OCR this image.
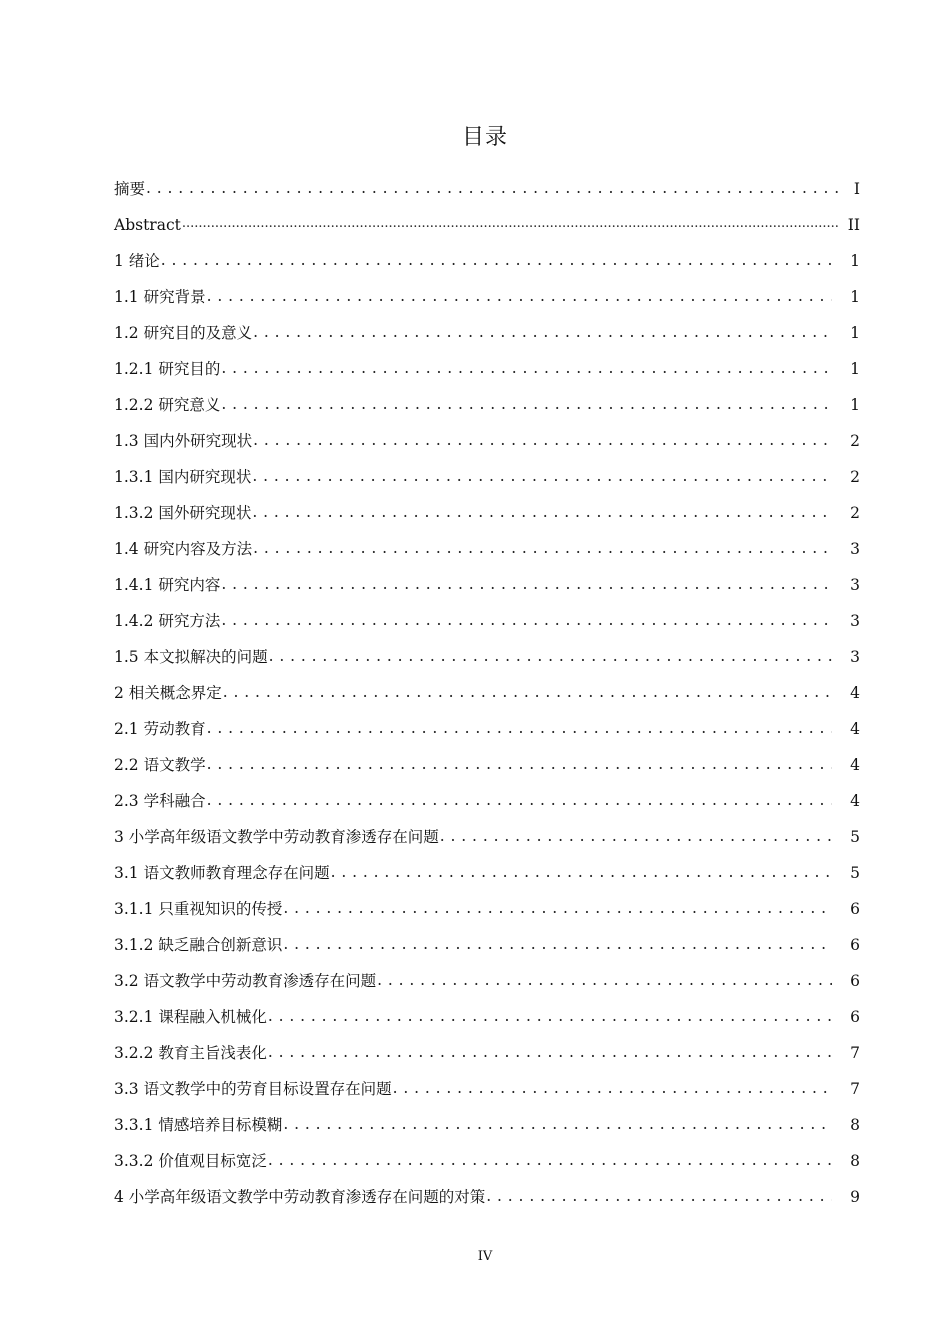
目录
摘要 . . .	I
Abstract .....	II
1 绪论 . . .	1
1.1 研究背景 . . .	1
1.2 研究目的及意义 . . .	1
1.2.1 研究目的 . . .	1
1.2.2 研究意义 . . .	1
1.3 国内外研究现状 . . .	2
1.3.1 国内研究现状 . . .	2
1.3.2 国外研究现状 . . .	2
1.4 研究内容及方法 . . .	3
1.4.1 研究内容 . . .	3
1.4.2 研究方法 . . .	3
1.5 本文拟解决的问题 . . .	3
2 相关概念界定 . . .	4
2.1 劳动教育 . . .	4
2.2 语文教学 . . .	4
2.3 学科融合 . . .	4
3 小学高年级语文教学中劳动教育渗透存在问题 . . .	5
3.1 语文教师教育理念存在问题 . . .	5
3.1.1 只重视知识的传授 . . .	6
3.1.2 缺乏融合创新意识 . . .	6
3.2 语文教学中劳动教育渗透存在问题 . . .	6
3.2.1 课程融入机械化 . . .	6
3.2.2 教育主旨浅表化 . . .	7
3.3 语文教学中的劳育目标设置存在问题 . . .	7
3.3.1 情感培养目标模糊 . . .	8
3.3.2 价值观目标宽泛 . . .	8
4 小学高年级语文教学中劳动教育渗透存在问题的对策 . . .	9
IV
